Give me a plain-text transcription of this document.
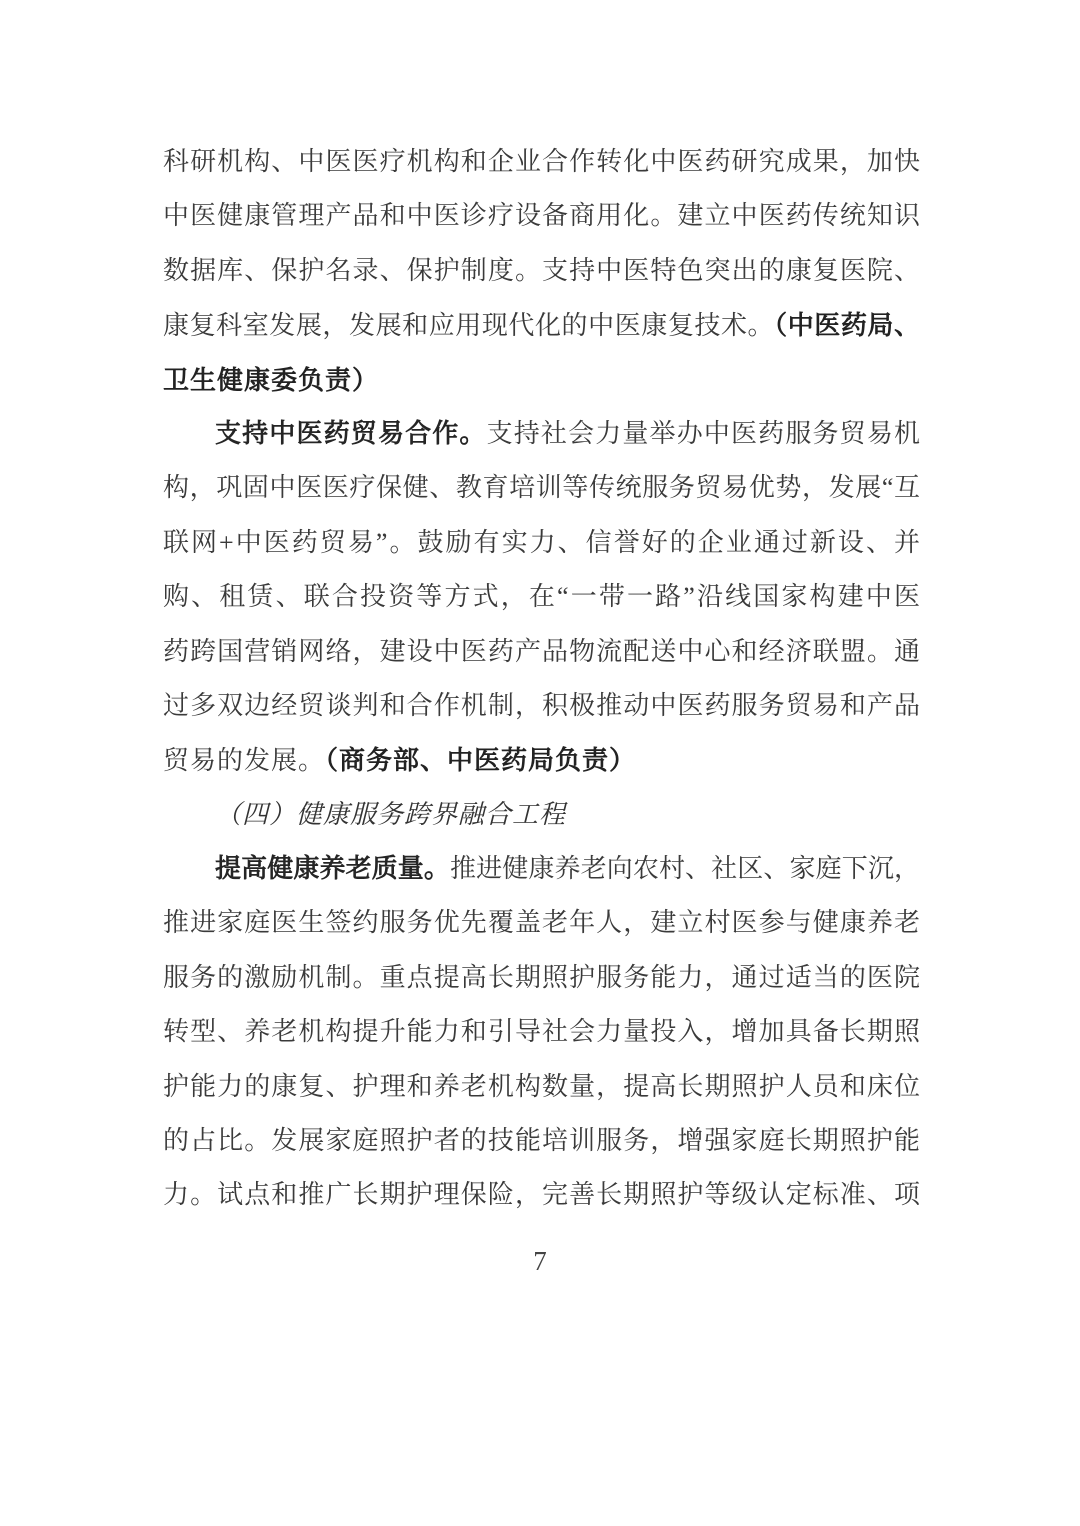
科研机构、中医医疗机构和企业合作转化中医药研究成果，加快
中医健康管理产品和中医诊疗设备商用化。建立中医药传统知识
数据库、保护名录、保护制度。支持中医特色突出的康复医院、
康复科室发展，发展和应用现代化的中医康复技术。（中医药局、
卫生健康委负责）
支持中医药贸易合作。支持社会力量举办中医药服务贸易机
构，巩固中医医疗保健、教育培训等传统服务贸易优势，发展“互
联网+中医药贸易”。鼓励有实力、信誉好的企业通过新设、并
购、租赁、联合投资等方式，在“一带一路”沿线国家构建中医
药跨国营销网络，建设中医药产品物流配送中心和经济联盟。通
过多双边经贸谈判和合作机制，积极推动中医药服务贸易和产品
贸易的发展。（商务部、中医药局负责）
（四）健康服务跨界融合工程
提高健康养老质量。推进健康养老向农村、社区、家庭下沉，
推进家庭医生签约服务优先覆盖老年人，建立村医参与健康养老
服务的激励机制。重点提高长期照护服务能力，通过适当的医院
转型、养老机构提升能力和引导社会力量投入，增加具备长期照
护能力的康复、护理和养老机构数量，提高长期照护人员和床位
的占比。发展家庭照护者的技能培训服务，增强家庭长期照护能
力。试点和推广长期护理保险，完善长期照护等级认定标准、项
7
